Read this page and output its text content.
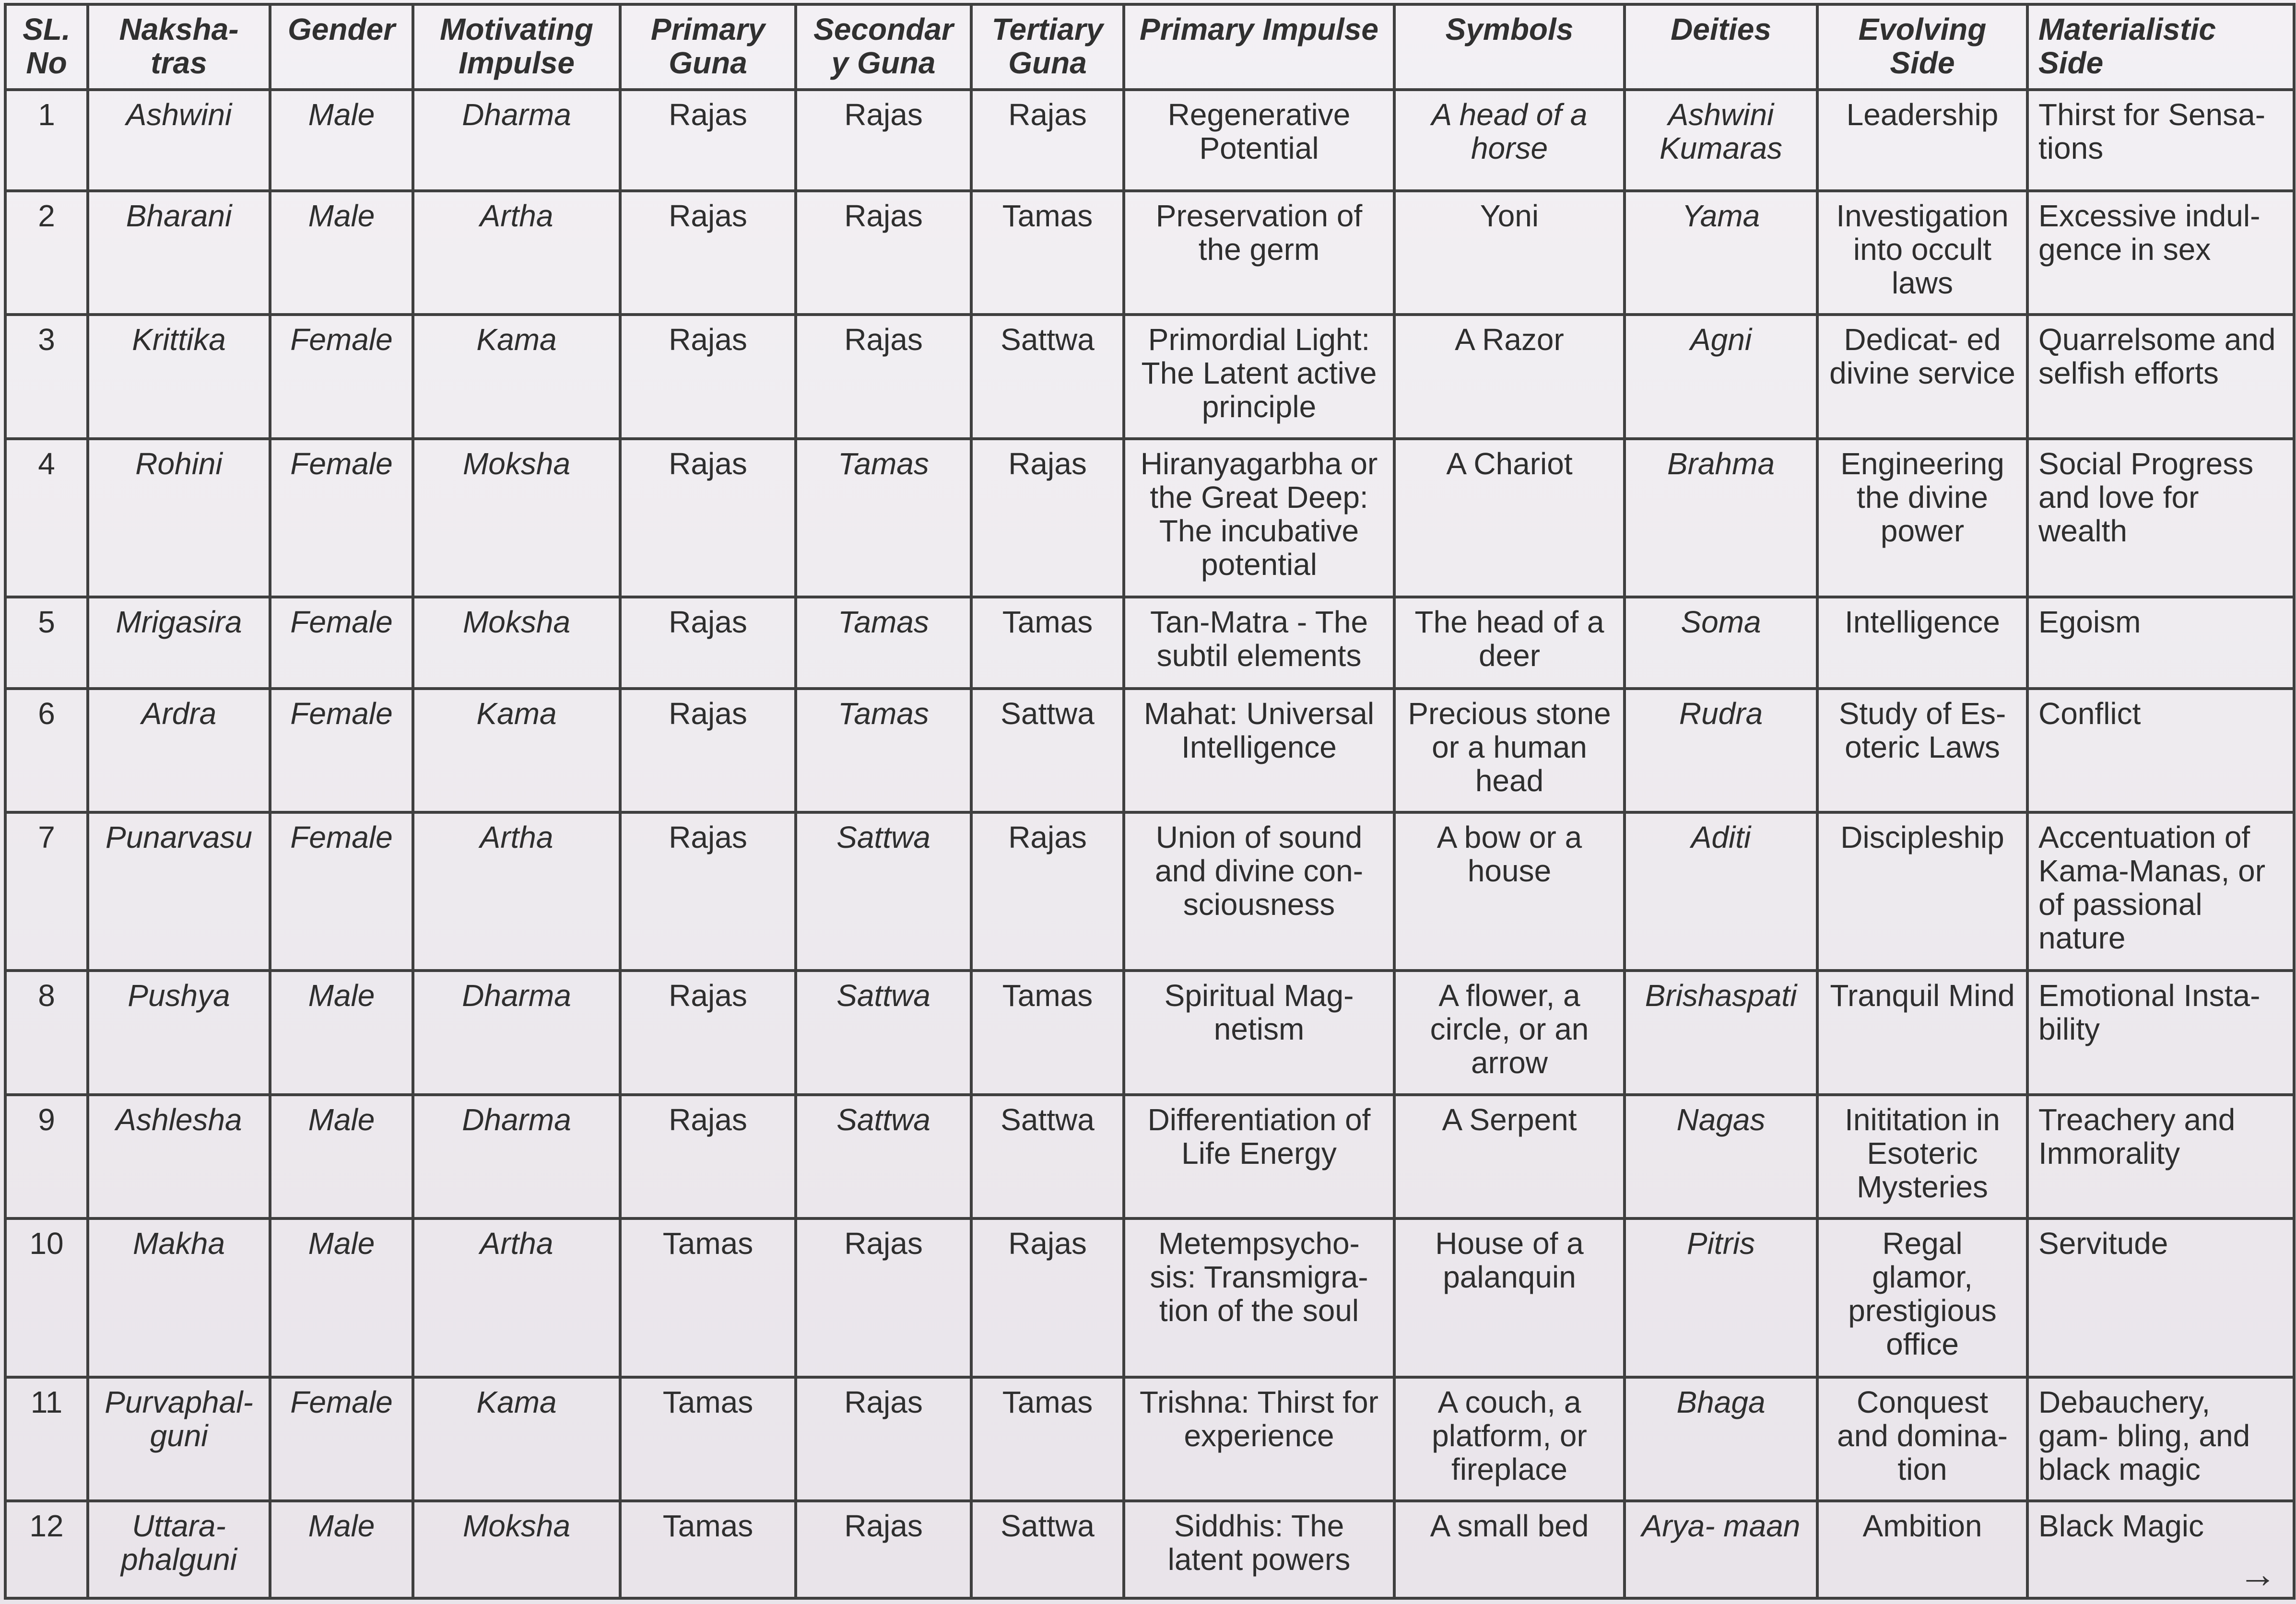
SL. No	Naksha- tras	Gender	Motivating Impulse	Primary Guna	Secondary Guna	Tertiary Guna	Primary Impulse	Symbols	Deities	Evolving Side	Materialistic Side
1	Ashwini	Male	Dharma	Rajas	Rajas	Rajas	Regenerative Potential	A head of a horse	Ashwini Kumaras	Leadership	Thirst for Sensa- tions
2	Bharani	Male	Artha	Rajas	Rajas	Tamas	Preservation of the germ	Yoni	Yama	Investigation into occult laws	Excessive indul- gence in sex
3	Krittika	Female	Kama	Rajas	Rajas	Sattwa	Primordial Light: The Latent active principle	A Razor	Agni	Dedicat- ed divine service	Quarrelsome and selfish efforts
4	Rohini	Female	Moksha	Rajas	Tamas	Rajas	Hiranyagarbha or the Great Deep: The incubative potential	A Chariot	Brahma	Engineering the divine power	Social Progress and love for wealth
5	Mrigasira	Female	Moksha	Rajas	Tamas	Tamas	Tan-Matra - The subtil elements	The head of a deer	Soma	Intelligence	Egoism
6	Ardra	Female	Kama	Rajas	Tamas	Sattwa	Mahat: Universal Intelligence	Precious stone or a human head	Rudra	Study of Es- oteric Laws	Conflict
7	Punarvasu	Female	Artha	Rajas	Sattwa	Rajas	Union of sound and divine con- sciousness	A bow or a house	Aditi	Discipleship	Accentuation of Kama-Manas, or of passional nature
8	Pushya	Male	Dharma	Rajas	Sattwa	Tamas	Spiritual Mag- netism	A flower, a circle, or an arrow	Brishaspati	Tranquil Mind	Emotional Insta- bility
9	Ashlesha	Male	Dharma	Rajas	Sattwa	Sattwa	Differentiation of Life Energy	A Serpent	Nagas	Inititation in Esoteric Mysteries	Treachery and Immorality
10	Makha	Male	Artha	Tamas	Rajas	Rajas	Metempsycho- sis: Transmigra- tion of the soul	House of a palanquin	Pitris	Regal glamor, prestigious office	Servitude
11	Purvaphal- guni	Female	Kama	Tamas	Rajas	Tamas	Trishna: Thirst for experience	A couch, a platform, or fireplace	Bhaga	Conquest and domina- tion	Debauchery, gam- bling, and black magic
12	Uttara- phalguni	Male	Moksha	Tamas	Rajas	Sattwa	Siddhis: The latent powers	A small bed	Arya- maan	Ambition	Black Magic
→
